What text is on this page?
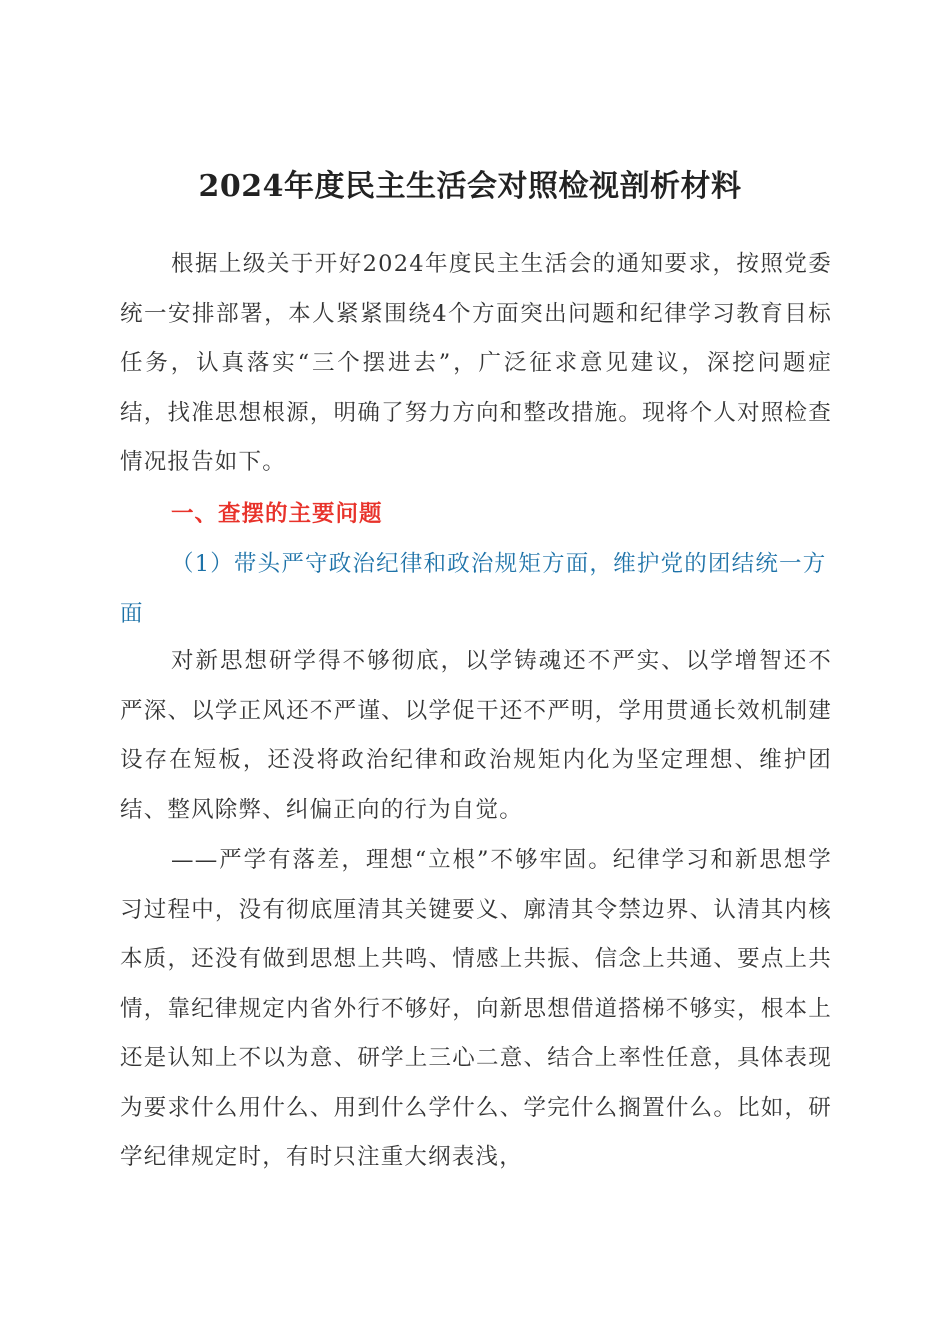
2024年度民主生活会对照检视剖析材料

根据上级关于开好2024年度民主生活会的通知要求，按照党委统一安排部署，本人紧紧围绕4个方面突出问题和纪律学习教育目标任务，认真落实“三个摆进去”，广泛征求意见建议，深挖问题症结，找准思想根源，明确了努力方向和整改措施。现将个人对照检查情况报告如下。

一、查摆的主要问题

（1）带头严守政治纪律和政治规矩方面，维护党的团结统一方面

对新思想研学得不够彻底，以学铸魂还不严实、以学增智还不严深、以学正风还不严谨、以学促干还不严明，学用贯通长效机制建设存在短板，还没将政治纪律和政治规矩内化为坚定理想、维护团结、整风除弊、纠偏正向的行为自觉。

——严学有落差，理想“立根”不够牢固。纪律学习和新思想学习过程中，没有彻底厘清其关键要义、廓清其令禁边界、认清其内核本质，还没有做到思想上共鸣、情感上共振、信念上共通、要点上共情，靠纪律规定内省外行不够好，向新思想借道搭梯不够实，根本上还是认知上不以为意、研学上三心二意、结合上率性任意，具体表现为要求什么用什么、用到什么学什么、学完什么搁置什么。比如，研学纪律规定时，有时只注重大纲表浅，
